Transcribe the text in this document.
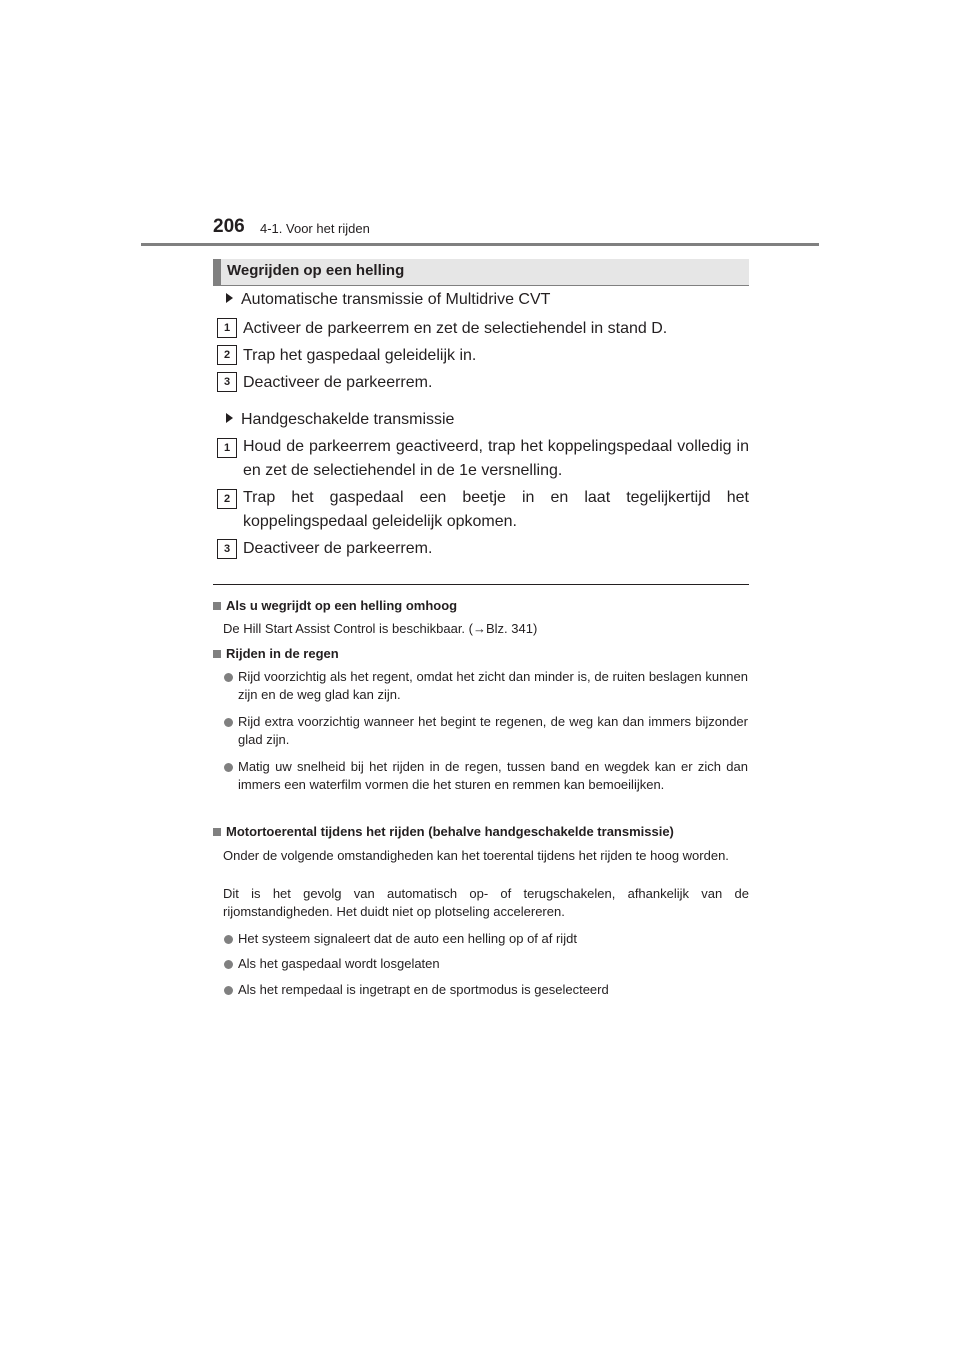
206 4-1. Voor het rijden
Wegrijden op een helling
Automatische transmissie of Multidrive CVT
1 Activeer de parkeerrem en zet de selectiehendel in stand D.
2 Trap het gaspedaal geleidelijk in.
3 Deactiveer de parkeerrem.
Handgeschakelde transmissie
1 Houd de parkeerrem geactiveerd, trap het koppelingspedaal volledig in en zet de selectiehendel in de 1e versnelling.
2 Trap het gaspedaal een beetje in en laat tegelijkertijd het koppelingspedaal geleidelijk opkomen.
3 Deactiveer de parkeerrem.
Als u wegrijdt op een helling omhoog
De Hill Start Assist Control is beschikbaar. (→Blz. 341)
Rijden in de regen
Rijd voorzichtig als het regent, omdat het zicht dan minder is, de ruiten beslagen kunnen zijn en de weg glad kan zijn.
Rijd extra voorzichtig wanneer het begint te regenen, de weg kan dan immers bijzonder glad zijn.
Matig uw snelheid bij het rijden in de regen, tussen band en wegdek kan er zich dan immers een waterfilm vormen die het sturen en remmen kan bemoeilijken.
Motortoerental tijdens het rijden (behalve handgeschakelde transmissie)
Onder de volgende omstandigheden kan het toerental tijdens het rijden te hoog worden.
Dit is het gevolg van automatisch op- of terugschakelen, afhankelijk van de rijomstandigheden. Het duidt niet op plotseling accelereren.
Het systeem signaleert dat de auto een helling op of af rijdt
Als het gaspedaal wordt losgelaten
Als het rempedaal is ingetrapt en de sportmodus is geselecteerd
